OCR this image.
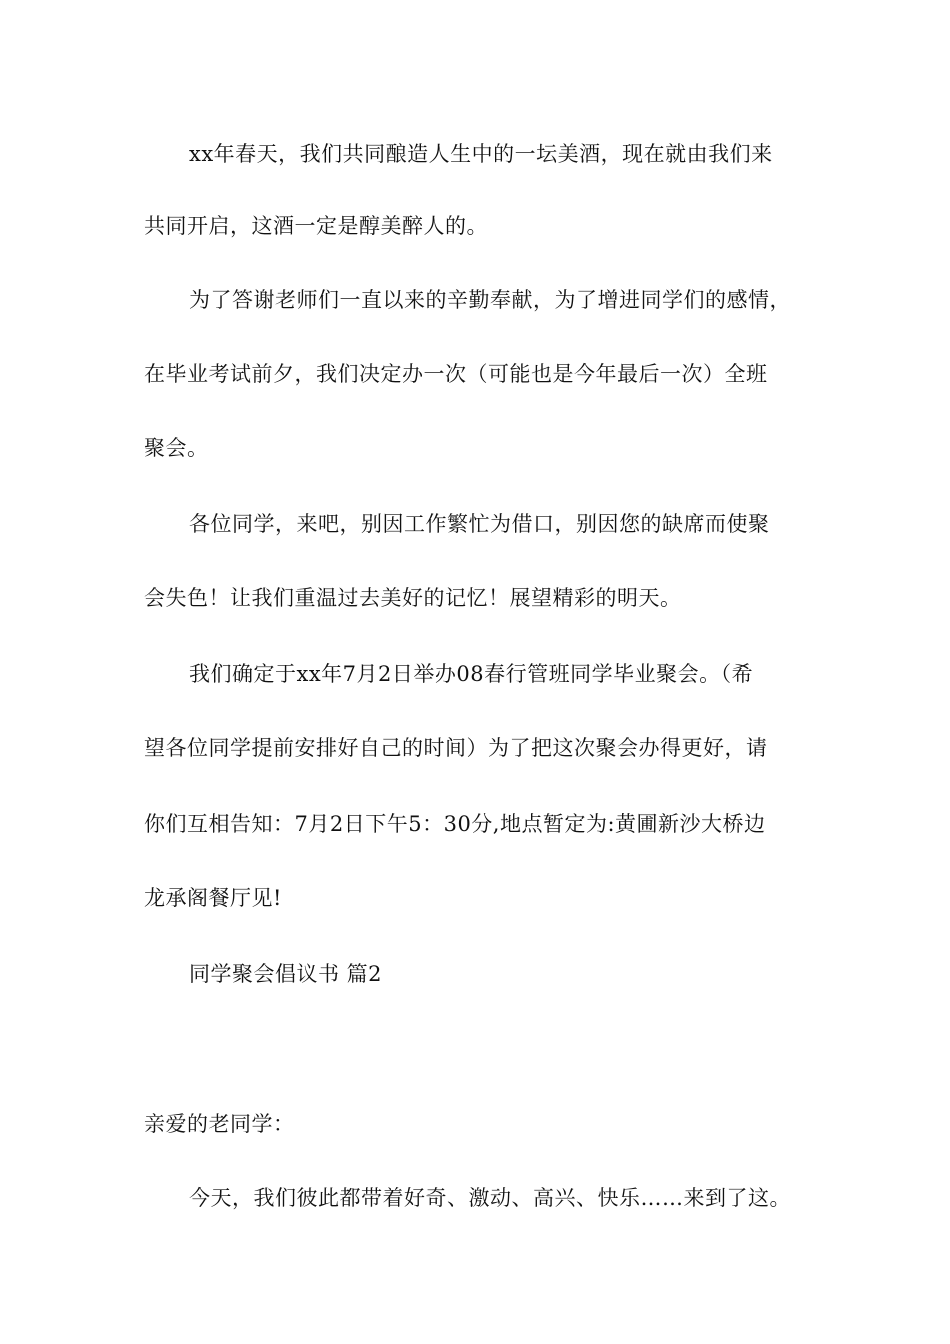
xx年春天，我们共同酿造人生中的一坛美酒，现在就由我们来
共同开启，这酒一定是醇美醉人的。
为了答谢老师们一直以来的辛勤奉献，为了增进同学们的感情，
在毕业考试前夕，我们决定办一次（可能也是今年最后一次）全班
聚会。
各位同学，来吧，别因工作繁忙为借口，别因您的缺席而使聚
会失色！让我们重温过去美好的记忆！展望精彩的明天。
我们确定于xx年7月2日举办08春行管班同学毕业聚会。（希
望各位同学提前安排好自己的时间）为了把这次聚会办得更好，请
你们互相告知：7月2日下午5：30分,地点暂定为:黄圃新沙大桥边
龙承阁餐厅见!
同学聚会倡议书 篇2
亲爱的老同学：
今天，我们彼此都带着好奇、激动、高兴、快乐……来到了这。
